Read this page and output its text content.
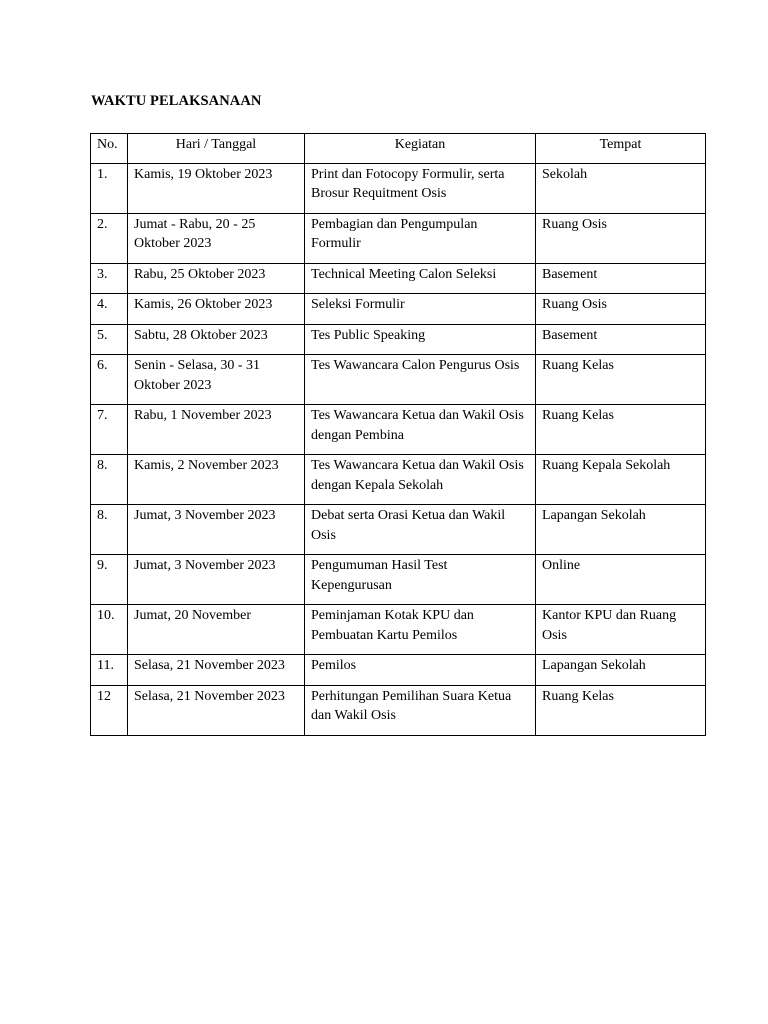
WAKTU PELAKSANAAN
No.	Hari / Tanggal	Kegiatan	Tempat
1.	Kamis, 19 Oktober 2023	Print dan Fotocopy Formulir, serta Brosur Requitment Osis	Sekolah
2.	Jumat - Rabu, 20 - 25 Oktober 2023	Pembagian dan Pengumpulan Formulir	Ruang Osis
3.	Rabu, 25 Oktober 2023	Technical Meeting Calon Seleksi	Basement
4.	Kamis, 26 Oktober 2023	Seleksi Formulir	Ruang Osis
5.	Sabtu, 28 Oktober 2023	Tes Public Speaking	Basement
6.	Senin - Selasa, 30 - 31 Oktober 2023	Tes Wawancara Calon Pengurus Osis	Ruang Kelas
7.	Rabu, 1 November 2023	Tes Wawancara Ketua dan Wakil Osis dengan Pembina	Ruang Kelas
8.	Kamis, 2 November 2023	Tes Wawancara Ketua dan Wakil Osis dengan Kepala Sekolah	Ruang Kepala Sekolah
8.	Jumat, 3 November 2023	Debat serta Orasi Ketua dan Wakil Osis	Lapangan Sekolah
9.	Jumat, 3 November 2023	Pengumuman Hasil Test Kepengurusan	Online
10.	Jumat, 20 November	Peminjaman Kotak KPU dan Pembuatan Kartu Pemilos	Kantor KPU dan Ruang Osis
11.	Selasa, 21 November 2023	Pemilos	Lapangan Sekolah
12	Selasa, 21 November 2023	Perhitungan Pemilihan Suara Ketua dan Wakil Osis	Ruang Kelas
